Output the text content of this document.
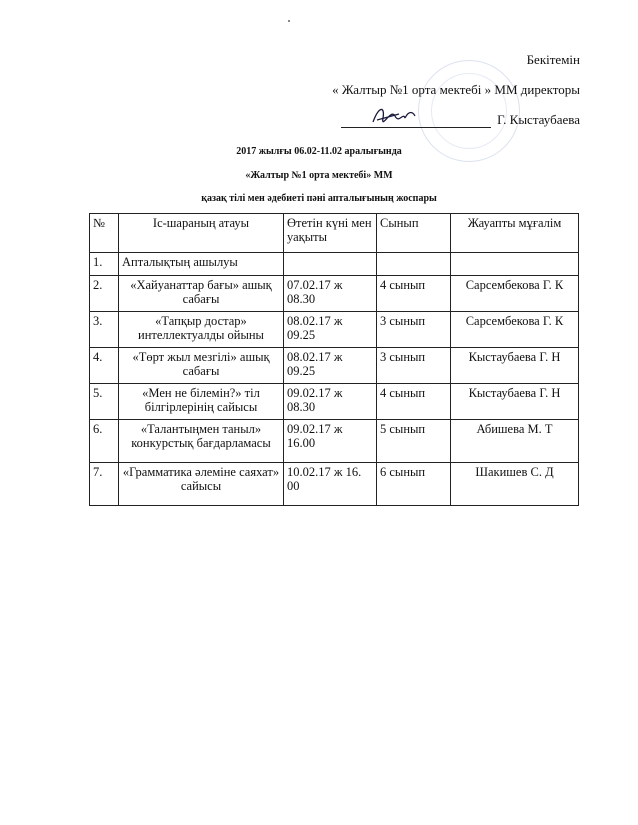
Бекітемін
« Жалтыр №1 орта мектебі » ММ директоры
Г. Кыстаубаева
2017 жылғы 06.02-11.02 аралығында
«Жалтыр №1 орта мектебі» ММ
қазақ тілі мен әдебиеті пәні апталығының жоспары
№	Іс-шараның атауы	Өтетін күні мен уақыты	Сынып	Жауапты мұғалім
1.	Апталықтың ашылуы			
2.	«Хайуанаттар бағы» ашық сабағы	07.02.17 ж 08.30	4 сынып	Сарсембекова Г. К
3.	«Тапқыр достар» интеллектуалды ойыны	08.02.17 ж 09.25	3 сынып	Сарсембекова Г. К
4.	«Төрт жыл мезгілі» ашық сабағы	08.02.17 ж 09.25	3 сынып	Кыстаубаева Г. Н
5.	«Мен не білемін?» тіл білгірлерінің сайысы	09.02.17 ж 08.30	4 сынып	Кыстаубаева Г. Н
6.	«Талантыңмен таныл» конкурстық бағдарламасы	09.02.17 ж 16.00	5 сынып	Абишева М. Т
7.	«Грамматика әлеміне саяхат» сайысы	10.02.17 ж 16. 00	6 сынып	Шакишев С. Д
